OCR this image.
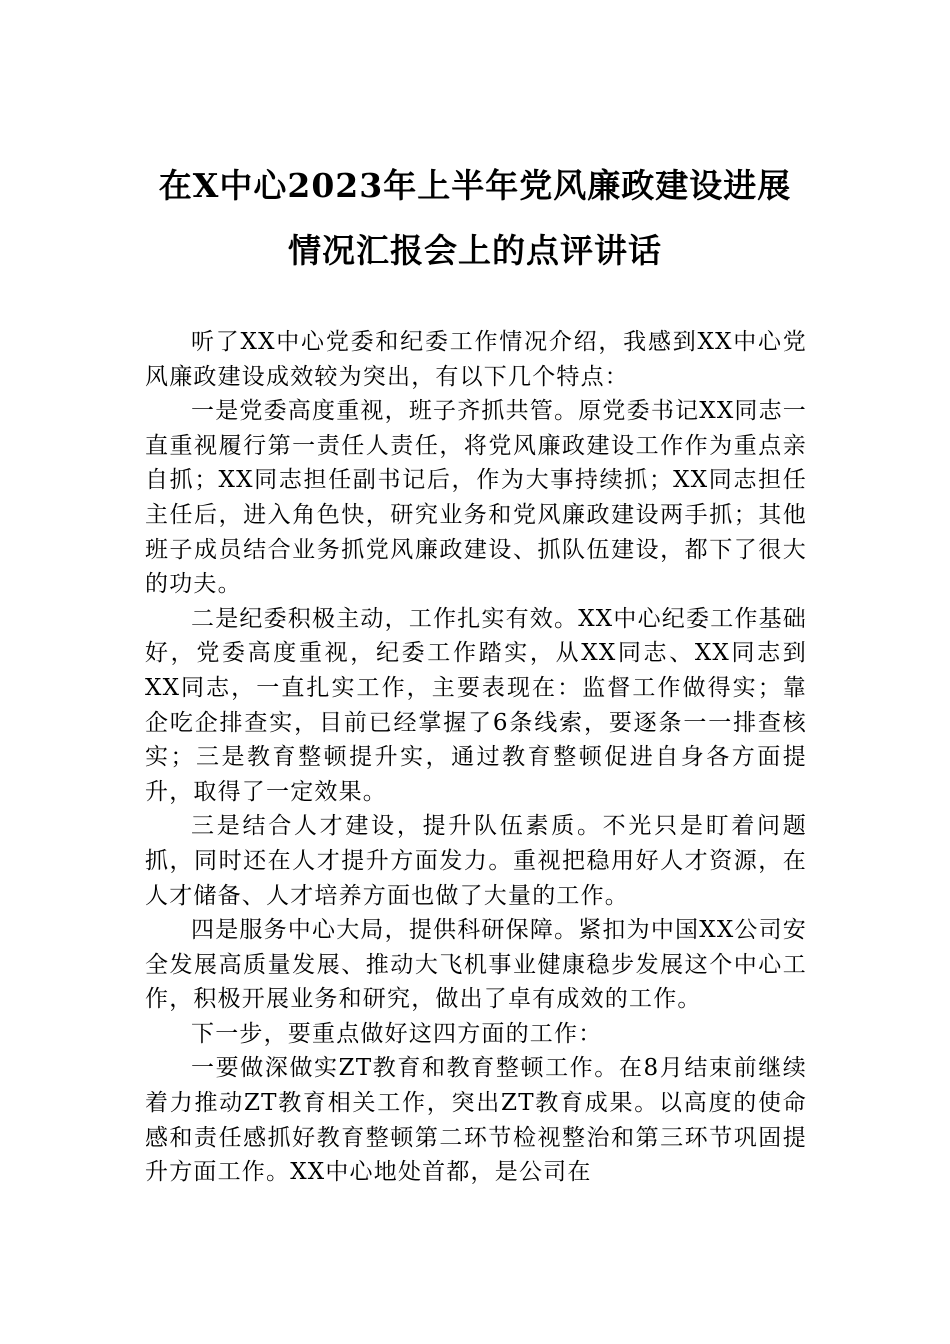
在X中心2023年上半年党风廉政建设进展
情况汇报会上的点评讲话

听了XX中心党委和纪委工作情况介绍，我感到XX中心党风廉政建设成效较为突出，有以下几个特点：

一是党委高度重视，班子齐抓共管。原党委书记XX同志一直重视履行第一责任人责任，将党风廉政建设工作作为重点亲自抓；XX同志担任副书记后，作为大事持续抓；XX同志担任主任后，进入角色快，研究业务和党风廉政建设两手抓；其他班子成员结合业务抓党风廉政建设、抓队伍建设，都下了很大的功夫。

二是纪委积极主动，工作扎实有效。XX中心纪委工作基础好，党委高度重视，纪委工作踏实，从XX同志、XX同志到XX同志，一直扎实工作，主要表现在：监督工作做得实；靠企吃企排查实，目前已经掌握了6条线索，要逐条一一排查核实；三是教育整顿提升实，通过教育整顿促进自身各方面提升，取得了一定效果。

三是结合人才建设，提升队伍素质。不光只是盯着问题抓，同时还在人才提升方面发力。重视把稳用好人才资源，在人才储备、人才培养方面也做了大量的工作。

四是服务中心大局，提供科研保障。紧扣为中国XX公司安全发展高质量发展、推动大飞机事业健康稳步发展这个中心工作，积极开展业务和研究，做出了卓有成效的工作。

下一步，要重点做好这四方面的工作：

一要做深做实ZT教育和教育整顿工作。在8月结束前继续着力推动ZT教育相关工作，突出ZT教育成果。以高度的使命感和责任感抓好教育整顿第二环节检视整治和第三环节巩固提升方面工作。XX中心地处首都，是公司在
